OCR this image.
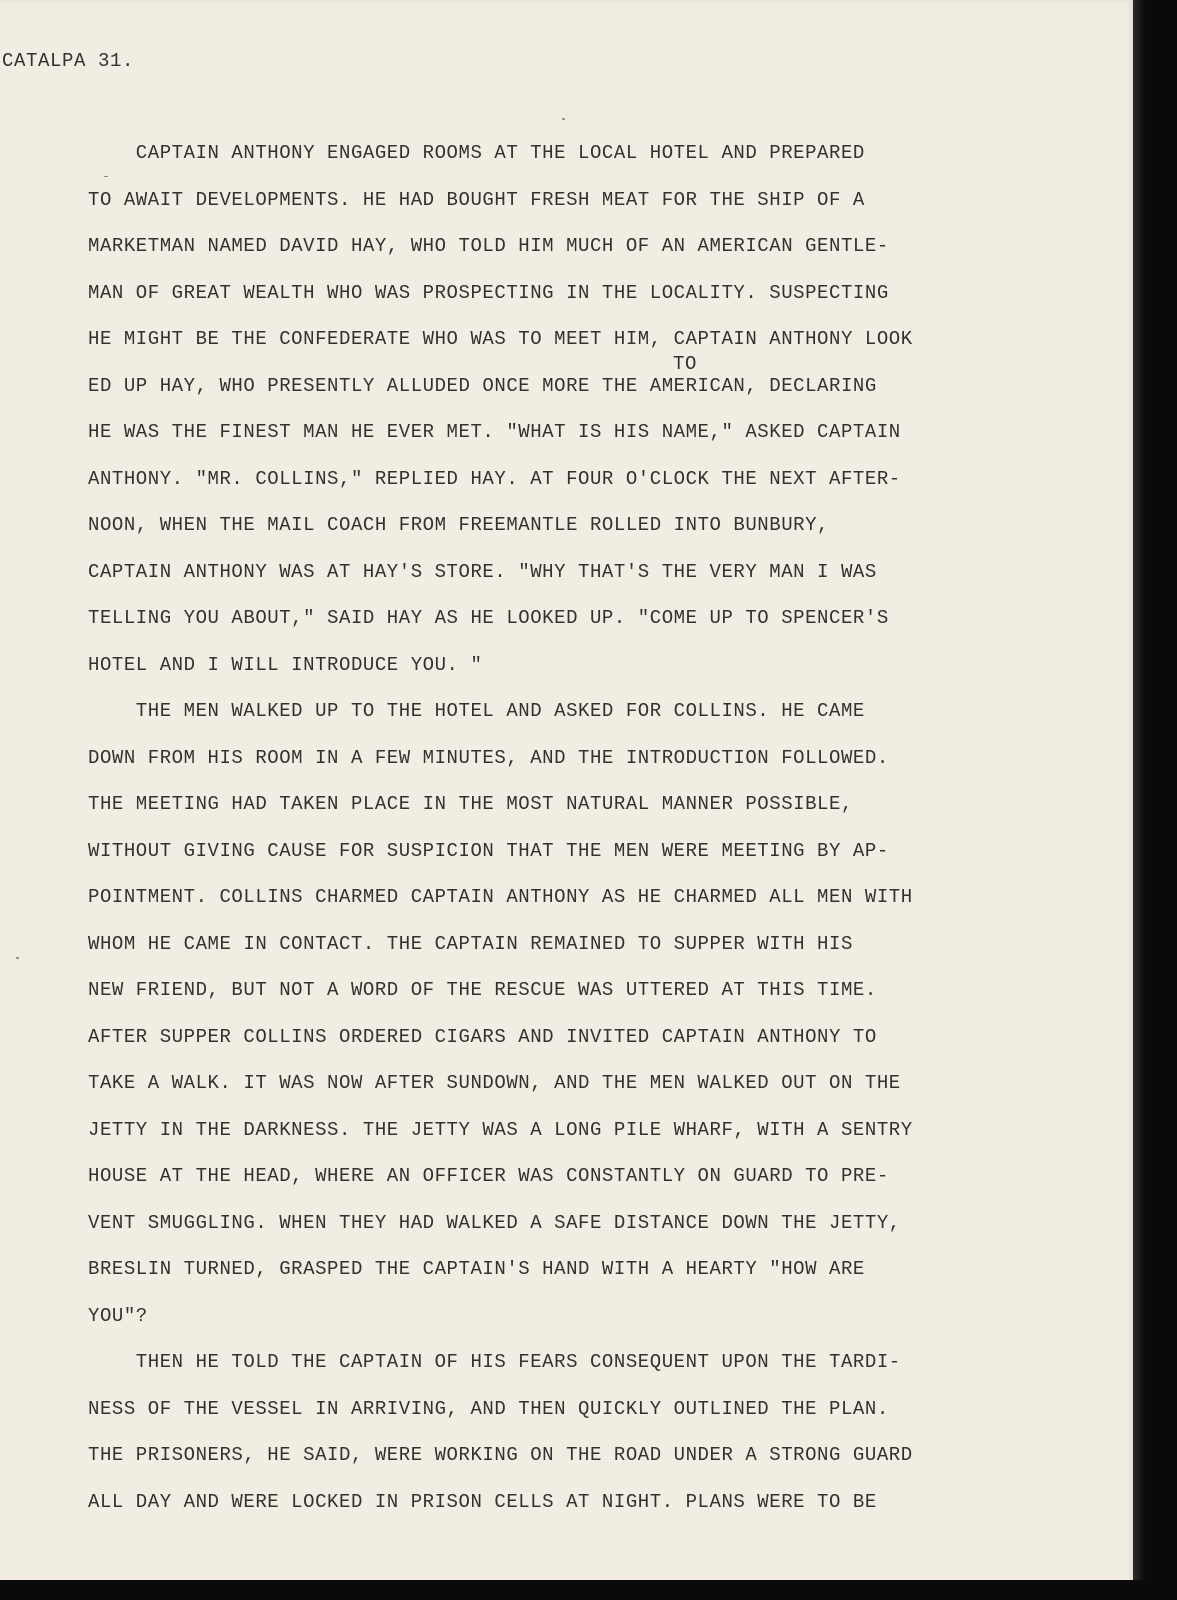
CATALPA 31.
CAPTAIN ANTHONY ENGAGED ROOMS AT THE LOCAL HOTEL AND PREPARED
TO AWAIT DEVELOPMENTS. HE HAD BOUGHT FRESH MEAT FOR THE SHIP OF A
MARKETMAN NAMED DAVID HAY, WHO TOLD HIM MUCH OF AN AMERICAN GENTLE-
MAN OF GREAT WEALTH WHO WAS PROSPECTING IN THE LOCALITY. SUSPECTING
HE MIGHT BE THE CONFEDERATE WHO WAS TO MEET HIM, CAPTAIN ANTHONY LOOK
ED UP HAY, WHO PRESENTLY ALLUDED ONCE MORE THE AMERICAN, DECLARING
HE WAS THE FINEST MAN HE EVER MET. "WHAT IS HIS NAME," ASKED CAPTAIN
ANTHONY. "MR. COLLINS," REPLIED HAY. AT FOUR O'CLOCK THE NEXT AFTER-
NOON, WHEN THE MAIL COACH FROM FREEMANTLE ROLLED INTO BUNBURY,
CAPTAIN ANTHONY WAS AT HAY'S STORE. "WHY THAT'S THE VERY MAN I WAS
TELLING YOU ABOUT," SAID HAY AS HE LOOKED UP. "COME UP TO SPENCER'S
HOTEL AND I WILL INTRODUCE YOU. "
THE MEN WALKED UP TO THE HOTEL AND ASKED FOR COLLINS. HE CAME
DOWN FROM HIS ROOM IN A FEW MINUTES, AND THE INTRODUCTION FOLLOWED.
THE MEETING HAD TAKEN PLACE IN THE MOST NATURAL MANNER POSSIBLE,
WITHOUT GIVING CAUSE FOR SUSPICION THAT THE MEN WERE MEETING BY AP-
POINTMENT. COLLINS CHARMED CAPTAIN ANTHONY AS HE CHARMED ALL MEN WITH
WHOM HE CAME IN CONTACT. THE CAPTAIN REMAINED TO SUPPER WITH HIS
NEW FRIEND, BUT NOT A WORD OF THE RESCUE WAS UTTERED AT THIS TIME.
AFTER SUPPER COLLINS ORDERED CIGARS AND INVITED CAPTAIN ANTHONY TO
TAKE A WALK. IT WAS NOW AFTER SUNDOWN, AND THE MEN WALKED OUT ON THE
JETTY IN THE DARKNESS. THE JETTY WAS A LONG PILE WHARF, WITH A SENTRY
HOUSE AT THE HEAD, WHERE AN OFFICER WAS CONSTANTLY ON GUARD TO PRE-
VENT SMUGGLING. WHEN THEY HAD WALKED A SAFE DISTANCE DOWN THE JETTY,
BRESLIN TURNED, GRASPED THE CAPTAIN'S HAND WITH A HEARTY "HOW ARE
YOU"?
THEN HE TOLD THE CAPTAIN OF HIS FEARS CONSEQUENT UPON THE TARDI-
NESS OF THE VESSEL IN ARRIVING, AND THEN QUICKLY OUTLINED THE PLAN.
THE PRISONERS, HE SAID, WERE WORKING ON THE ROAD UNDER A STRONG GUARD
ALL DAY AND WERE LOCKED IN PRISON CELLS AT NIGHT. PLANS WERE TO BE
TO
